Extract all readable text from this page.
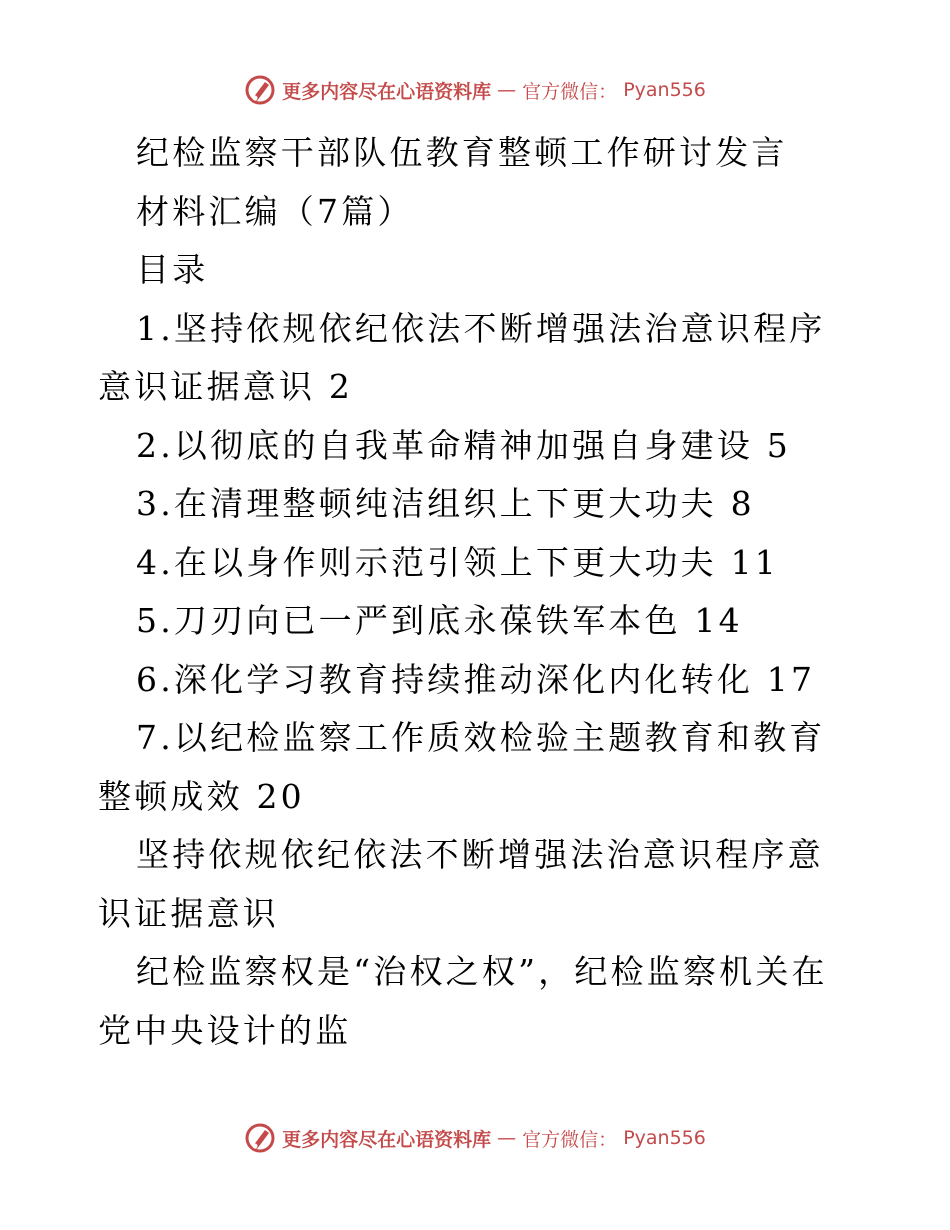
更多内容尽在心语资料库 — 官方微信： Pyan556

纪检监察干部队伍教育整顿工作研讨发言

材料汇编（7篇）

目录

1.坚持依规依纪依法不断增强法治意识程序意识证据意识 2

2.以彻底的自我革命精神加强自身建设 5

3.在清理整顿纯洁组织上下更大功夫 8

4.在以身作则示范引领上下更大功夫 11

5.刀刃向已一严到底永葆铁军本色 14

6.深化学习教育持续推动深化内化转化 17

7.以纪检监察工作质效检验主题教育和教育整顿成效 20

坚持依规依纪依法不断增强法治意识程序意识证据意识

纪检监察权是“治权之权”，纪检监察机关在党中央设计的监

更多内容尽在心语资料库 — 官方微信： Pyan556
